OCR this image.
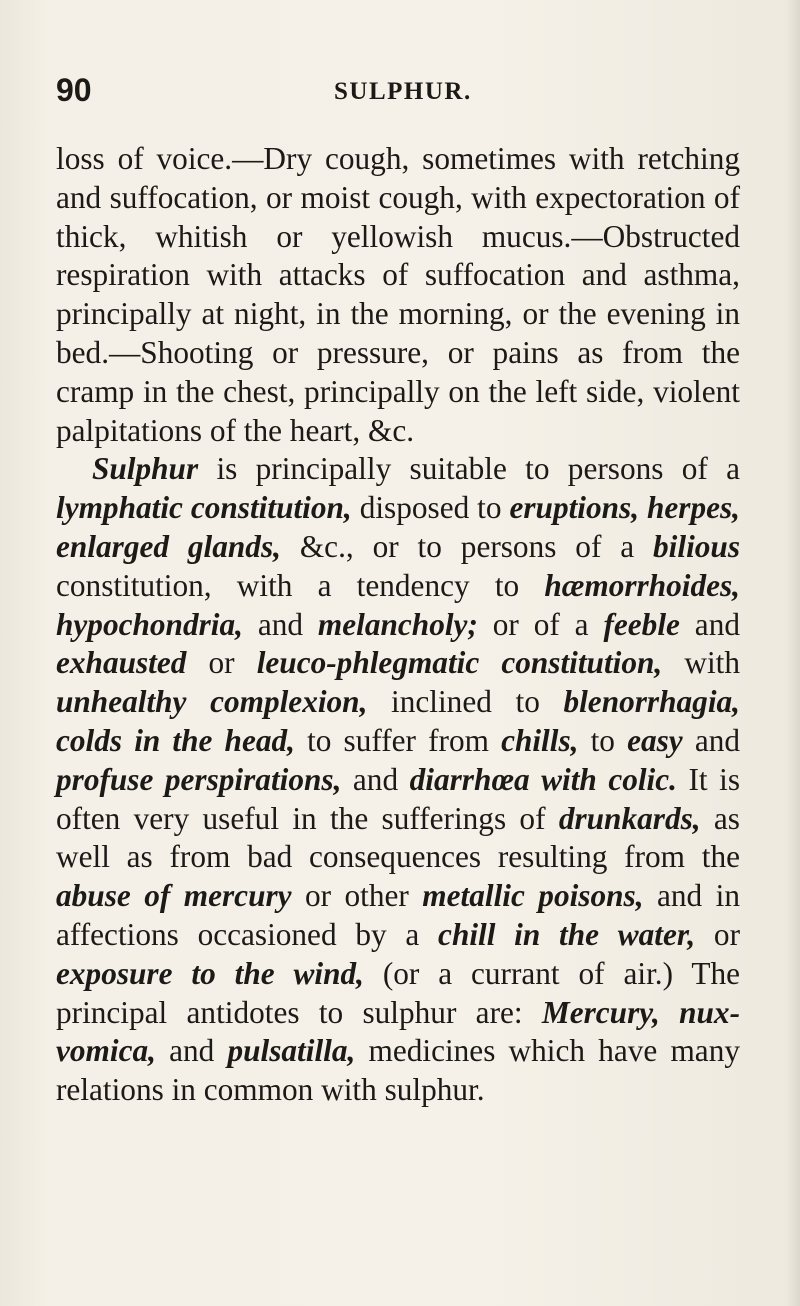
90	SULPHUR.

loss of voice.—Dry cough, sometimes with retching and suffocation, or moist cough, with expectoration of thick, whitish or yellowish mucus.—Obstructed respiration with attacks of suffocation and asthma, principally at night, in the morning, or the evening in bed.—Shooting or pressure, or pains as from the cramp in the chest, principally on the left side, violent palpitations of the heart, &c.

Sulphur is principally suitable to persons of a lymphatic constitution, disposed to eruptions, herpes, enlarged glands, &c., or to persons of a bilious constitution, with a tendency to hæmorrhoides, hypochondria, and melancholy; or of a feeble and exhausted or leuco-phlegmatic constitution, with unhealthy complexion, inclined to blenorrhagia, colds in the head, to suffer from chills, to easy and profuse perspirations, and diarrhœa with colic. It is often very useful in the sufferings of drunkards, as well as from bad consequences resulting from the abuse of mercury or other metallic poisons, and in affections occasioned by a chill in the water, or exposure to the wind, (or a currant of air.) The principal antidotes to sulphur are: Mercury, nux-vomica, and pulsatilla, medicines which have many relations in common with sulphur.
